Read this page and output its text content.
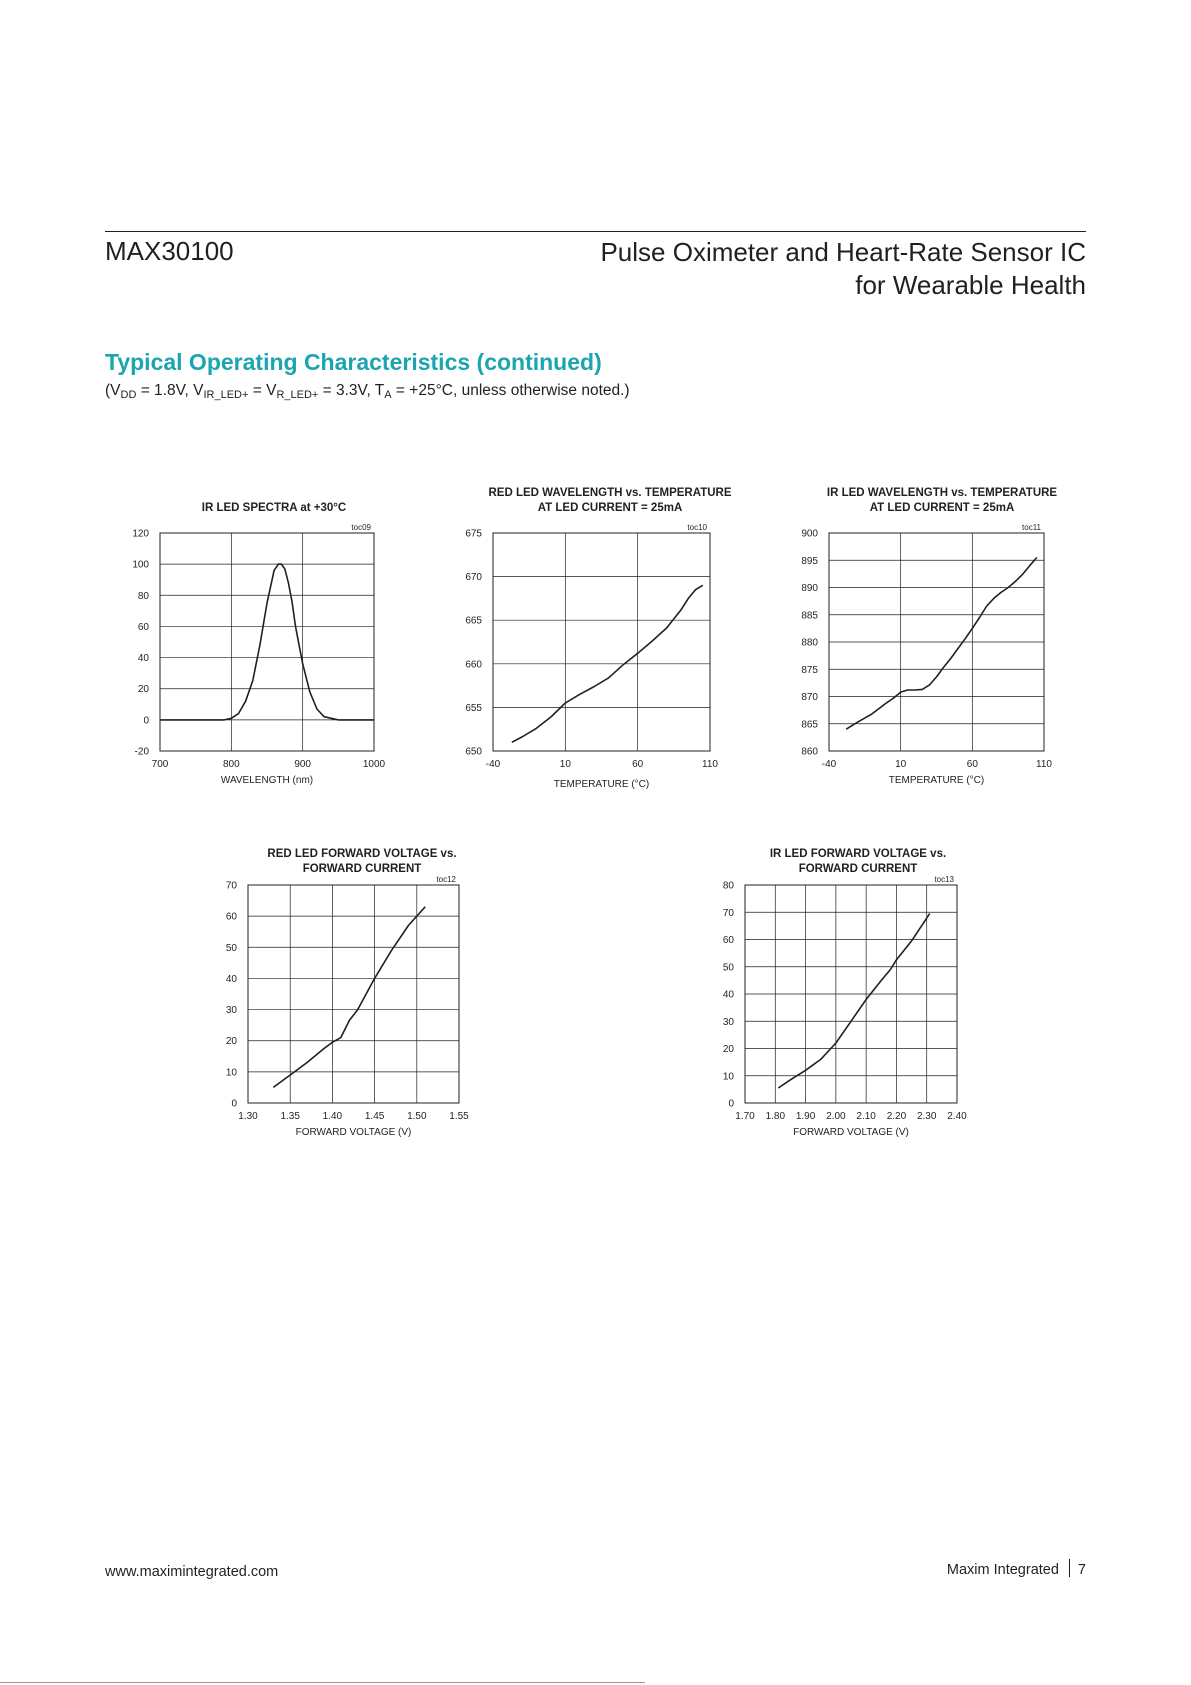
MAX30100	Pulse Oximeter and Heart-Rate Sensor IC
for Wearable Health
Typical Operating Characteristics (continued)
($V_{DD} = 1.8V$, $V_{IR\_LED+} = V_{R\_LED+} = 3.3V$, $T_A = +25^\circ C$, unless otherwise noted.)
700	800	900	1000
-20
0
20
40
60
80
100
120
WAVELENGTH (nm)
IR LED SPECTRA at +30°C
toc09
-40	10	60	110
650
655
660
665
670
675
TEMPERATURE (°C)
RED LED WAVELENGTH vs. TEMPERATURE
AT LED CURRENT = 25mA
toc10
-40	10	60	110
860
865
870
875
880
885
890
895
900
TEMPERATURE (°C)
IR LED WAVELENGTH vs. TEMPERATURE
AT LED CURRENT = 25mA
toc11
1.30 1.35 1.40 1.45 1.50 1.55
0
10
20
30
40
50
60
70
FORWARD VOLTAGE (V)
RED LED FORWARD VOLTAGE vs.
FORWARD CURRENT
toc12
1.70 1.80 1.90 2.00 2.10 2.20 2.30 2.40
0
10
20
30
40
50
60
70
80
FORWARD VOLTAGE (V)
IR LED FORWARD VOLTAGE vs.
FORWARD CURRENT
toc13
www.maximintegrated.com	Maxim Integrated 7
